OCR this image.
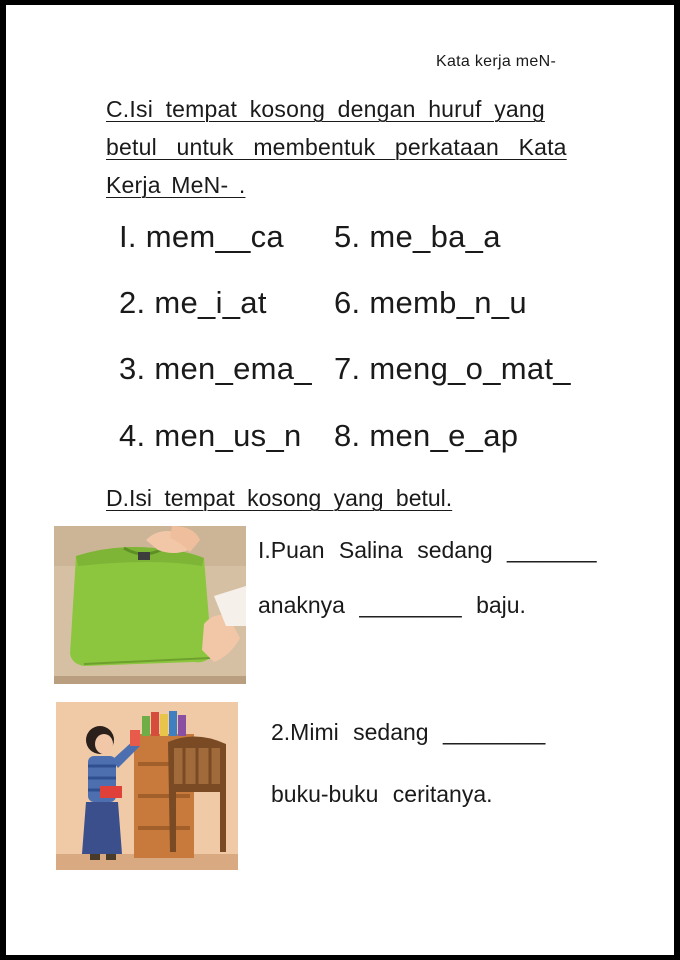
Kata kerja meN-
C.Isi tempat kosong dengan huruf yang
betul untuk membentuk perkataan Kata
Kerja MeN- .
I. mem__ca
2. me_i_at
3. men_ema_
4. men_us_n
5. me_ba_a
6. memb_n_u
7. meng_o_mat_
8. men_e_ap
D.Isi tempat kosong yang betul.
I.Puan Salina sedang _______
anaknya ________ baju.
2.Mimi sedang ________
buku-buku ceritanya.
